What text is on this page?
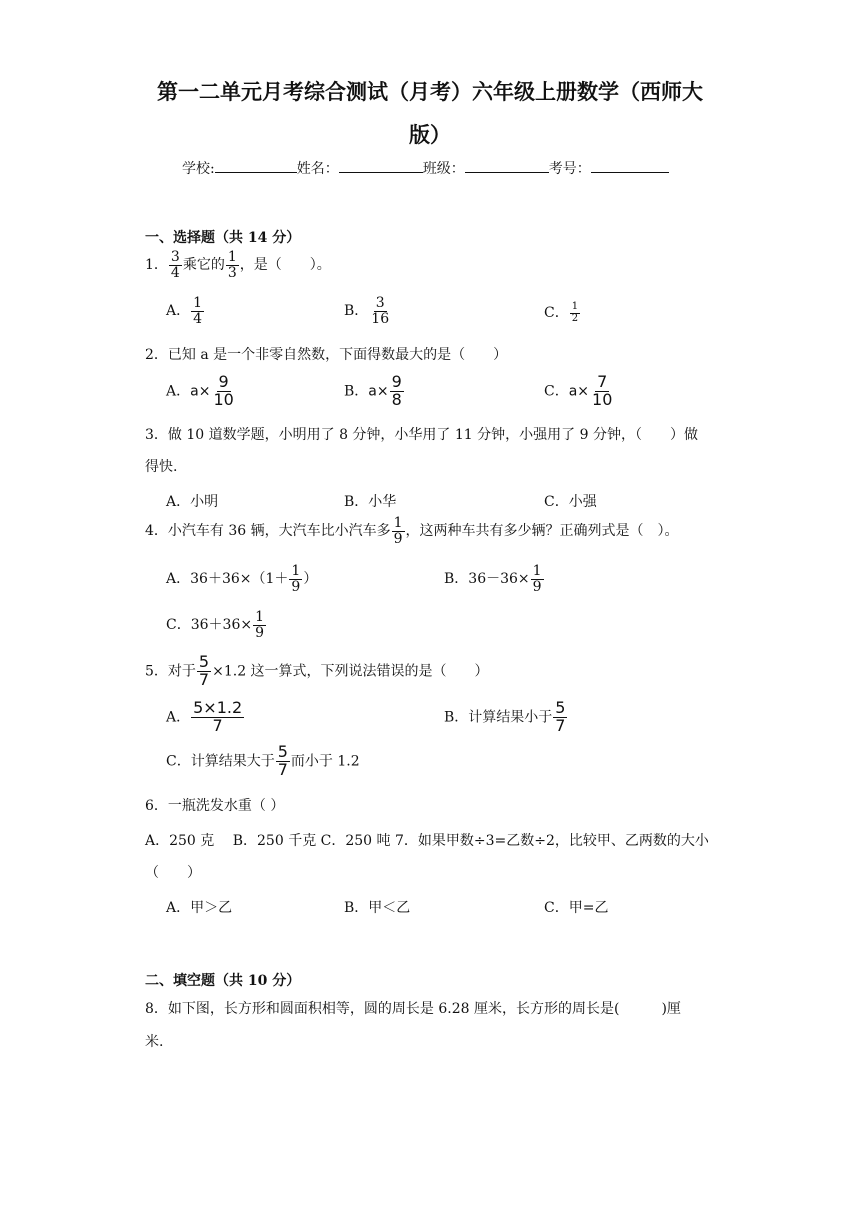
第一二单元月考综合测试（月考）六年级上册数学（西师大
版）
学校:	姓名：	班级：	考号：
一、选择题（共 14 分）
1． $\frac{3}{4}$ 乘它的 $\frac{1}{3}$ ，是（　　）。
A． $\frac{1}{4}$	B． $\frac{3}{16}$	C． $\frac{1}{2}$
2．已知 a 是一个非零自然数，下面得数最大的是（　　）
A．$a\times \frac{9}{10}$	B．$a\times \frac{9}{8}$	C．$a\times \frac{7}{10}$
3．做 10 道数学题，小明用了 8 分钟，小华用了 11 分钟，小强用了 9 分钟，（　　）做
得快.
A．小明	B．小华	C．小强
4．小汽车有 36 辆，大汽车比小汽车多 $\frac{1}{9}$ ，这两种车共有多少辆？正确列式是（　）。
A．$36+36\times(1+ \frac{1}{9}$ ）	B．$36-36\times \frac{1}{9}$
C．$36+36\times \frac{1}{9}$
5．对于 $\frac{5}{7} \times 1.2$ 这一算式，下列说法错误的是（　　）
A． $\frac{5\times 1.2}{7}$	B．计算结果小于 $\frac{5}{7}$
C．计算结果大于 $\frac{5}{7}$ 而小于 1.2
6．一瓶洗发水重（ ）
A．250 克　 B．250 千克 C．250 吨 7．如果甲数÷3=乙数÷2，比较甲、乙两数的大小
（　　）
A．甲＞乙	B．甲＜乙	C．甲=乙
二、填空题（共 10 分）
8．如下图，长方形和圆面积相等，圆的周长是 6.28 厘米，长方形的周长是(　　　)厘
米.
